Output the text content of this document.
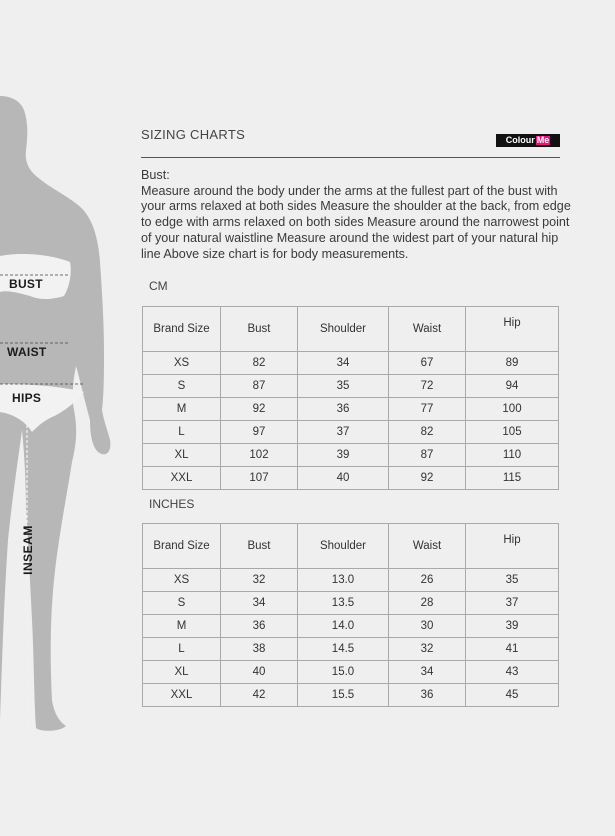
BUST
WAIST
HIPS
INSEAM
SIZING CHARTS	Colour Me

Bust:

Measure around the body under the arms at the fullest part of the bust with your arms relaxed at both sides Measure the shoulder at the back, from edge to edge with arms relaxed on both sides Measure around the narrowest point of your natural waistline Measure around the widest part of your natural hip line Above size chart is for body measurements.

CM
Brand Size	Bust	Shoulder	Waist	Hip
XS	82	34	67	89
S	87	35	72	94
M	92	36	77	100
L	97	37	82	105
XL	102	39	87	110
XXL	107	40	92	115
INCHES
Brand Size	Bust	Shoulder	Waist	Hip
XS	32	13.0	26	35
S	34	13.5	28	37
M	36	14.0	30	39
L	38	14.5	32	41
XL	40	15.0	34	43
XXL	42	15.5	36	45
